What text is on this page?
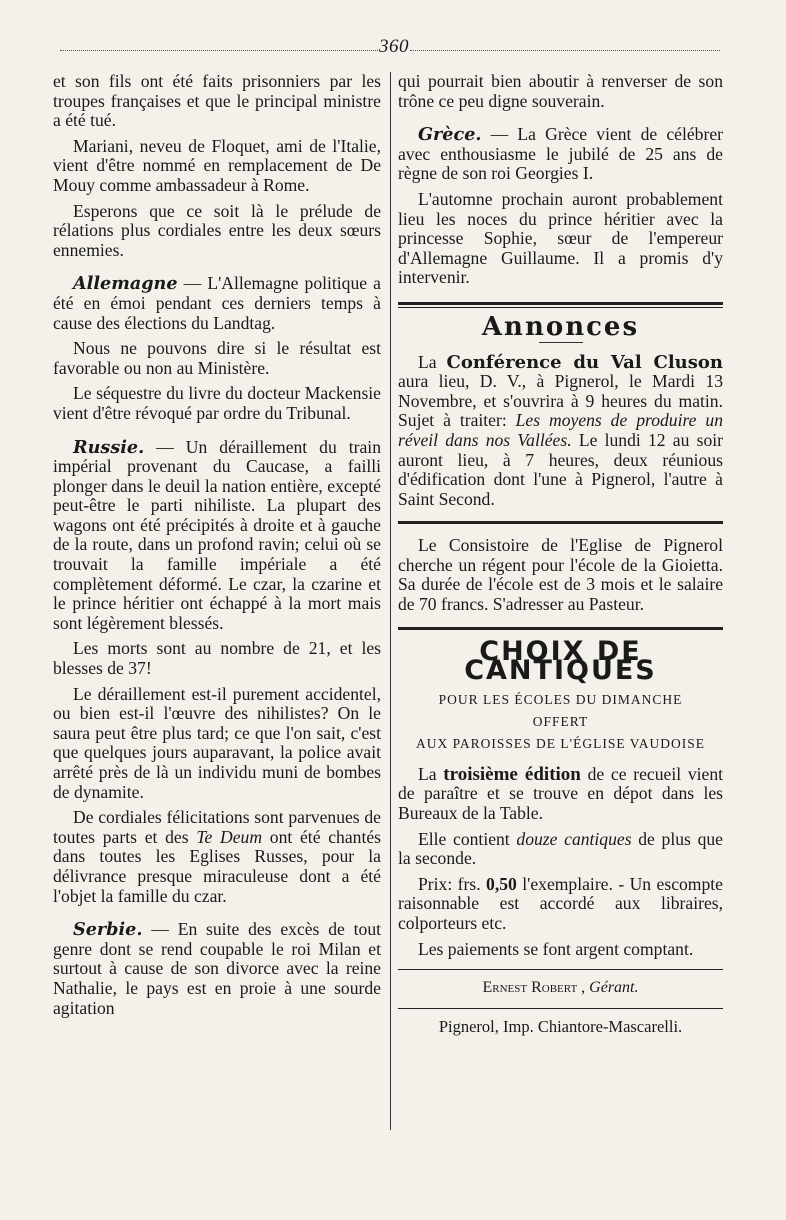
360

et son fils ont été faits prisonniers par les troupes françaises et que le principal ministre a été tué.

Mariani, neveu de Floquet, ami de l'Italie, vient d'être nommé en remplacement de De Mouy comme ambassadeur à Rome.

Esperons que ce soit là le prélude de rélations plus cordiales entre les deux sœurs ennemies.

Allemagne — L'Allemagne politique a été en émoi pendant ces derniers temps à cause des élections du Landtag.

Nous ne pouvons dire si le résultat est favorable ou non au Ministère.

Le séquestre du livre du docteur Mackensie vient d'être révoqué par ordre du Tribunal.

Russie. — Un déraillement du train impérial provenant du Caucase, a failli plonger dans le deuil la nation entière, excepté peut-être le parti nihiliste. La plupart des wagons ont été précipités à droite et à gauche de la route, dans un profond ravin; celui où se trouvait la famille impériale a été complètement déformé. Le czar, la czarine et le prince héritier ont échappé à la mort mais sont légèrement blessés.

Les morts sont au nombre de 21, et les blesses de 37!

Le déraillement est-il purement accidentel, ou bien est-il l'œuvre des nihilistes? On le saura peut être plus tard; ce que l'on sait, c'est que quelques jours auparavant, la police avait arrêté près de là un individu muni de bombes de dynamite.

De cordiales félicitations sont parvenues de toutes parts et des Te Deum ont été chantés dans toutes les Eglises Russes, pour la délivrance presque miraculeuse dont a été l'objet la famille du czar.

Serbie. — En suite des excès de tout genre dont se rend coupable le roi Milan et surtout à cause de son divorce avec la reine Nathalie, le pays est en proie à une sourde agitation

qui pourrait bien aboutir à renverser de son trône ce peu digne souverain.

Grèce. — La Grèce vient de célébrer avec enthousiasme le jubilé de 25 ans de règne de son roi Georgies I.

L'automne prochain auront probablement lieu les noces du prince héritier avec la princesse Sophie, sœur de l'empereur d'Allemagne Guillaume. Il a promis d'y intervenir.

Annonces

La Conférence du Val Cluson aura lieu, D. V., à Pignerol, le Mardi 13 Novembre, et s'ouvrira à 9 heures du matin. Sujet à traiter: Les moyens de produire un réveil dans nos Vallées. Le lundi 12 au soir auront lieu, à 7 heures, deux réunious d'édification dont l'une à Pignerol, l'autre à Saint Second.

Le Consistoire de l'Eglise de Pignerol cherche un régent pour l'école de la Gioietta. Sa durée de l'école est de 3 mois et le salaire de 70 francs. S'adresser au Pasteur.

CHOIX DE CANTIQUES
POUR LES ÉCOLES DU DIMANCHE
OFFERT
AUX PAROISSES DE L'ÉGLISE VAUDOISE

La troisième édition de ce recueil vient de paraître et se trouve en dépot dans les Bureaux de la Table.

Elle contient douze cantiques de plus que la seconde.

Prix: frs. 0,50 l'exemplaire. - Un escompte raisonnable est accordé aux libraires, colporteurs etc.

Les paiements se font argent comptant.

Ernest Robert , Gérant.
Pignerol, Imp. Chiantore-Mascarelli.
